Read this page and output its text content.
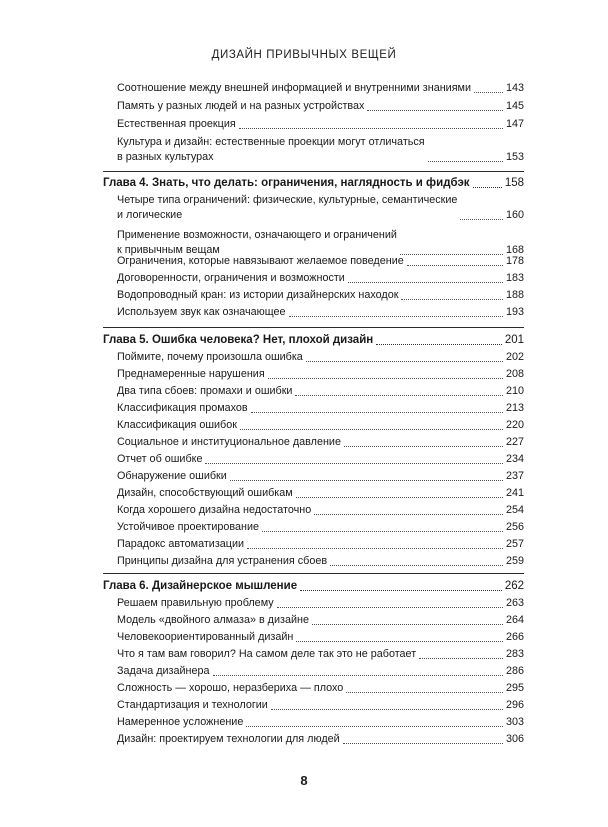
ДИЗАЙН ПРИВЫЧНЫХ ВЕЩЕЙ
Соотношение между внешней информацией и внутренними знаниями	143
Память у разных людей и на разных устройствах	145
Естественная проекция	147
Культура и дизайн: естественные проекции могут отличаться
в разных культурах	153
Глава 4. Знать, что делать: ограничения, наглядность и фидбэк	158
Четыре типа ограничений: физические, культурные, семантические
и логические	160
Применение возможности, означающего и ограничений
к привычным вещам	168
Ограничения, которые навязывают желаемое поведение	178
Договоренности, ограничения и возможности	183
Водопроводный кран: из истории дизайнерских находок	188
Используем звук как означающее	193
Глава 5. Ошибка человека? Нет, плохой дизайн	201
Поймите, почему произошла ошибка	202
Преднамеренные нарушения	208
Два типа сбоев: промахи и ошибки	210
Классификация промахов	213
Классификация ошибок	220
Социальное и институциональное давление	227
Отчет об ошибке	234
Обнаружение ошибки	237
Дизайн, способствующий ошибкам	241
Когда хорошего дизайна недостаточно	254
Устойчивое проектирование	256
Парадокс автоматизации	257
Принципы дизайна для устранения сбоев	259
Глава 6. Дизайнерское мышление	262
Решаем правильную проблему	263
Модель «двойного алмаза» в дизайне	264
Человекоориентированный дизайн	266
Что я там вам говорил? На самом деле так это не работает	283
Задача дизайнера	286
Сложность — хорошо, неразбериха — плохо	295
Стандартизация и технологии	296
Намеренное усложнение	303
Дизайн: проектируем технологии для людей	306
8
